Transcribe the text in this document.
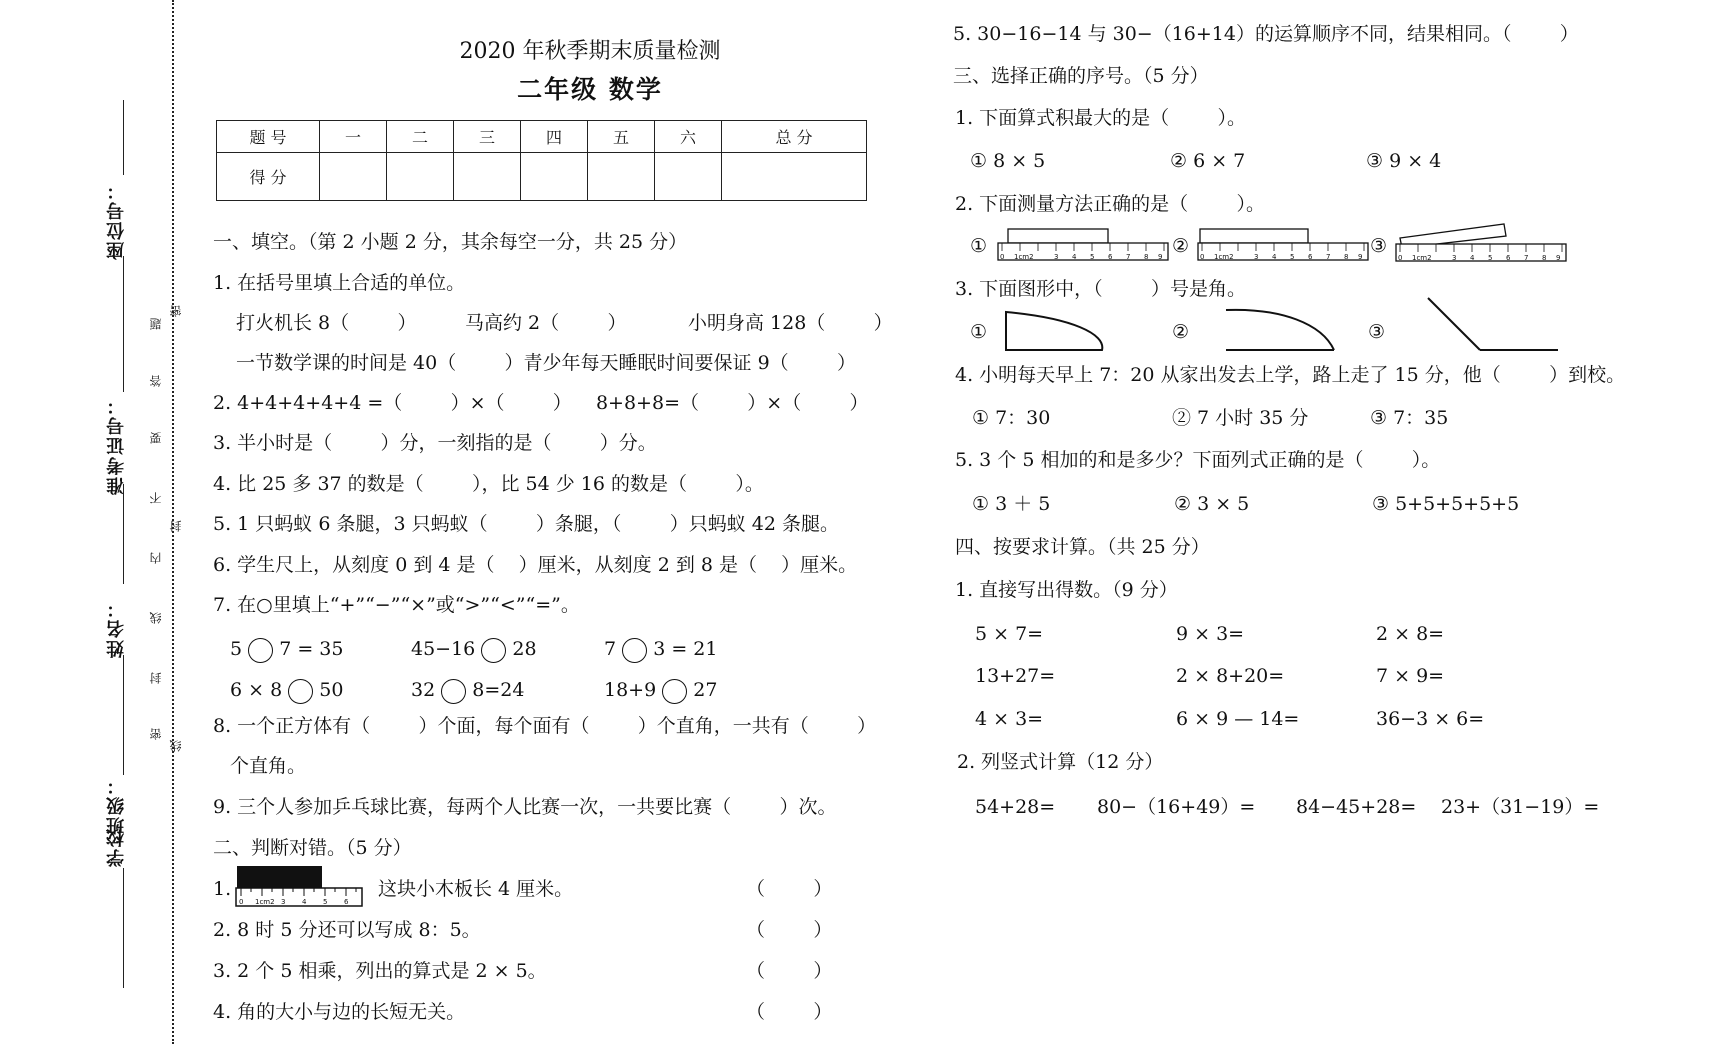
座位号：
准考证号：
姓名：
班级：
学校
题
答
要
不
内
线
封
密
密
封
线
2020 年秋季期末质量检测
二年级 数学
题 号	一	二	三	四	五	六	总 分
得 分							
一、填空。（第 2 小题 2 分，其余每空一分，共 25 分）
1. 在括号里填上合适的单位。
打火机长 8（        ）	马高约 2（        ）	小明身高 128（        ）
一节数学课的时间是 40（        ）青少年每天睡眠时间要保证 9（        ）
2. 4+4+4+4+4 =（        ）×（        ）    8+8+8=（        ）×（        ）
3. 半小时是（        ）分，一刻指的是（        ）分。
4. 比 25 多 37 的数是（        ），比 54 少 16 的数是（        ）。
5. 1 只蚂蚁 6 条腿，3 只蚂蚁（        ）条腿，（        ）只蚂蚁 42 条腿。
6. 学生尺上，从刻度 0 到 4 是（    ）厘米，从刻度 2 到 8 是（    ）厘米。
7. 在○里填上“+”“−”“×”或“>”“<”“=”。
5 7 = 35	45−16 28	7 3 = 21
6 × 8 50	32 8=24	18+9 27
8. 一个正方体有（        ）个面，每个面有（        ）个直角，一共有（        ）
个直角。
9. 三个人参加乒乓球比赛，每两个人比赛一次，一共要比赛（        ）次。
二、判断对错。（5 分）
1.
0 1cm2 3 4 5 6
这块小木板长 4 厘米。	（        ）
2. 8 时 5 分还可以写成 8：5。	（        ）
3. 2 个 5 相乘，列出的算式是 2 × 5。	（        ）
4. 角的大小与边的长短无关。	（        ）
5. 30−16−14 与 30−（16+14）的运算顺序不同，结果相同。（        ）
三、选择正确的序号。（5 分）
1. 下面算式积最大的是（        ）。
① 8 × 5	② 6 × 7	③ 9 × 4
2. 下面测量方法正确的是（        ）。
① 0 1cm2	3 4 5 6 7 8 9 ② 0 1cm2	3 4 5 6 7 8 9 ③
0 1cm2	3 4 5 6 7 8 9
3. 下面图形中，（        ）号是角。
①	②	③
4. 小明每天早上 7：20 从家出发去上学，路上走了 15 分，他（        ）到校。
① 7：30	② 7 小时 35 分	③ 7：35
5. 3 个 5 相加的和是多少？下面列式正确的是（        ）。
① 3 ＋ 5	② 3 × 5	③ 5+5+5+5+5
四、按要求计算。（共 25 分）
1. 直接写出得数。（9 分）
5 × 7=	9 × 3=	2 × 8=
13+27=	2 × 8+20=	7 × 9=
4 × 3=	6 × 9 — 14=	36−3 × 6=
2. 列竖式计算（12 分）
54+28= 80−（16+49）= 84−45+28= 23+（31−19）=
